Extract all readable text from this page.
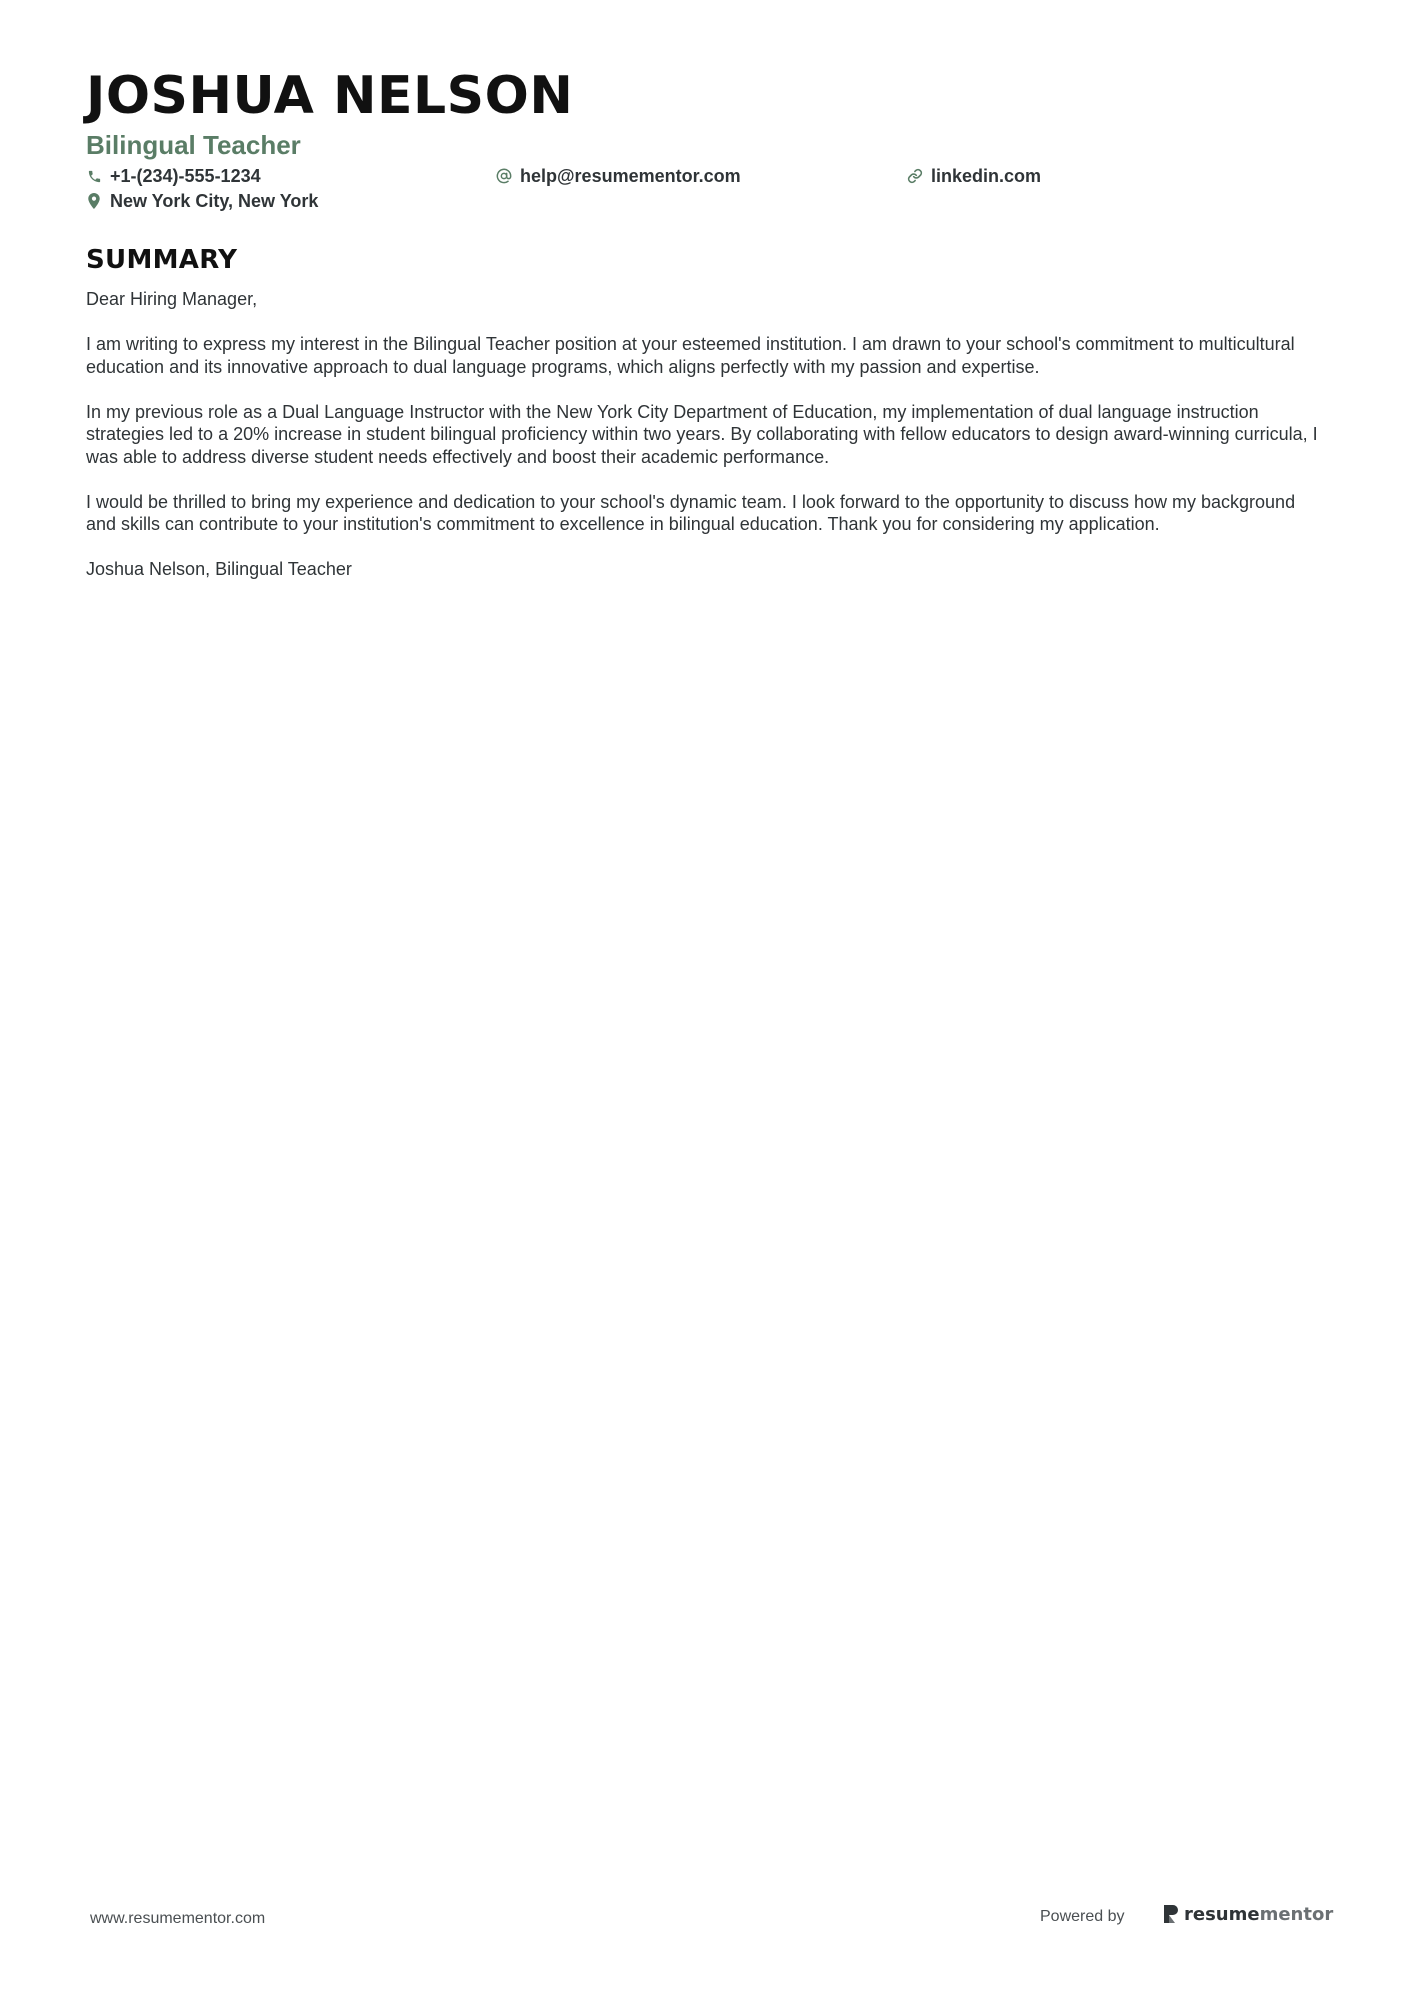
JOSHUA NELSON
Bilingual Teacher
+1-(234)-555-1234	help@resumementor.com	linkedin.com
New York City, New York
SUMMARY

Dear Hiring Manager,

I am writing to express my interest in the Bilingual Teacher position at your esteemed institution. I am drawn to your school's commitment to multicultural education and its innovative approach to dual language programs, which aligns perfectly with my passion and expertise.

In my previous role as a Dual Language Instructor with the New York City Department of Education, my implementation of dual language instruction strategies led to a 20% increase in student bilingual proficiency within two years. By collaborating with fellow educators to design award-winning curricula, I was able to address diverse student needs effectively and boost their academic performance.

I would be thrilled to bring my experience and dedication to your school's dynamic team. I look forward to the opportunity to discuss how my background and skills can contribute to your institution's commitment to excellence in bilingual education. Thank you for considering my application.

Joshua Nelson, Bilingual Teacher

www.resumementor.com	Powered by	resumementor
